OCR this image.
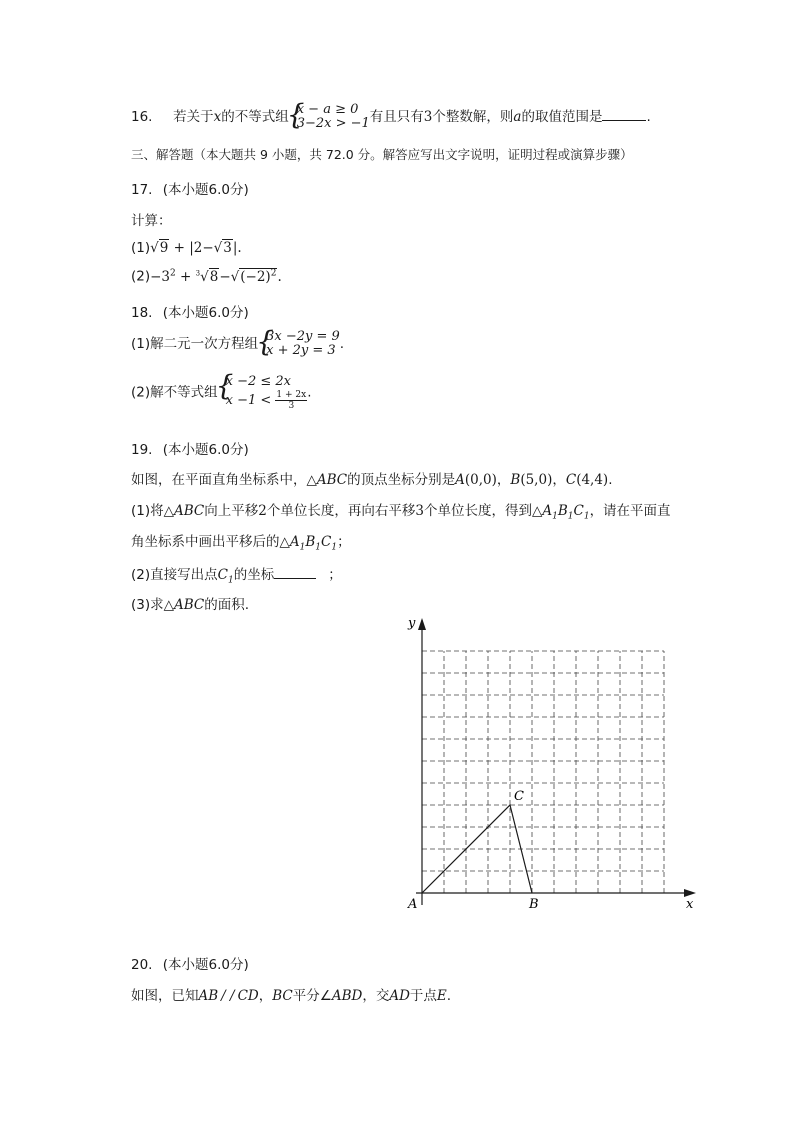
16. 若关于x的不等式组 { x − a ≥ 0
3−2x > −1 有且只有3个整数解，则a的取值范围是	.
三、解答题（本大题共 9 小题，共 72.0 分。解答应写出文字说明，证明过程或演算步骤）
17. (本小题6.0分)
计算：
(1)√9 + |2−√3|.
$(2)-3^2 + ^3√8-√(-2)^2$.
18. (本小题6.0分)
(1)解二元一次方程组 { 3x −2y = 9
x + 2y = 3 .
(2)解不等式组
{ x −2 ≤ 2x
$x -1 < \frac{1 + 2x}{3}$ .
19. (本小题6.0分)
如图，在平面直角坐标系中，△ABC的顶点坐标分别是A(0,0)，B(5,0)，C(4,4).
(1)将△ABC向上平移2个单位长度，再向右平移3个单位长度，得到$\triangle A_1B_1C_1$，请在平面直
角坐标系中画出平移后的$\triangle A_1B_1C_1$；
(2)直接写出点$C_1$的坐标	；
(3)求△ABC的面积.
y
x
A	B
C
20. (本小题6.0分)
如图，已知AB / / CD，BC平分∠ABD，交AD于点E.
